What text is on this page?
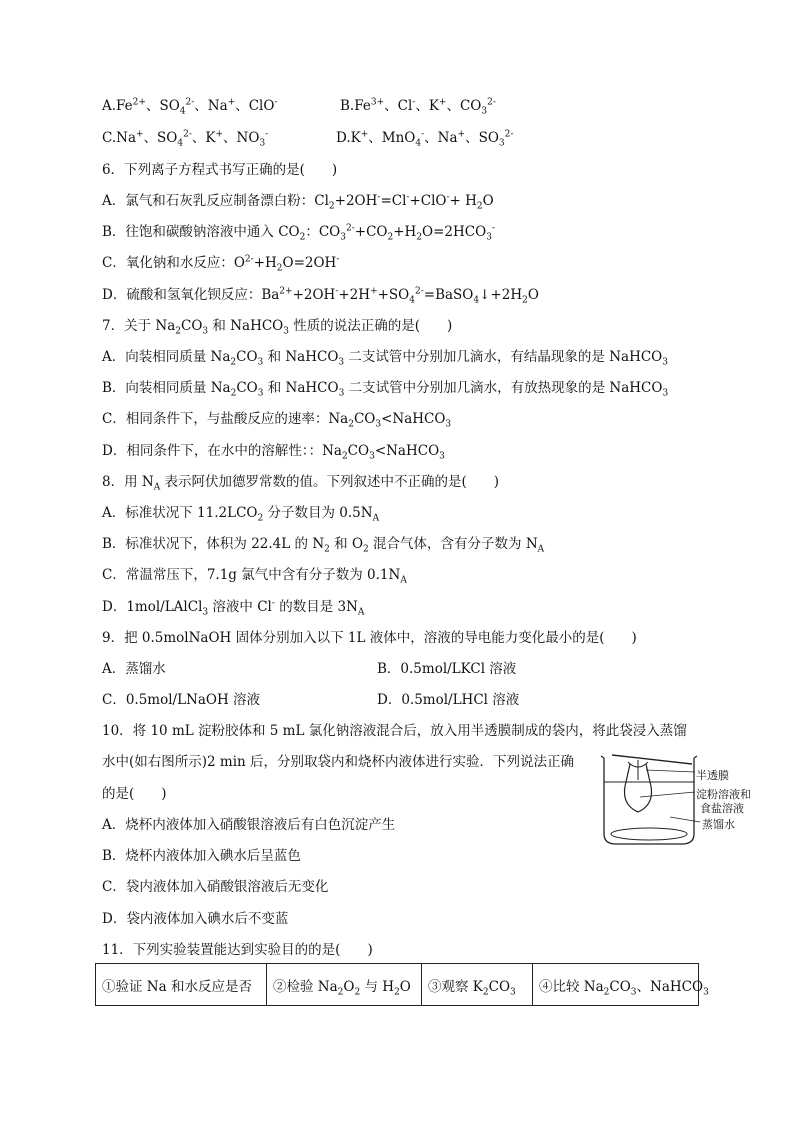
$A.Fe^{2+}$、$SO_4^{2-}$、Na+、ClO-	$B.Fe^{3+}$、Cl-、K+、$CO_3^{2-}$
C.Na+、$SO_4^{2-}$、K+、$NO_3^-$	D.K+、MnO$_4$-、Na+、$SO_3^{2-}$
6．下列离子方程式书写正确的是(　　)
A．氯气和石灰乳反应制备漂白粉：$Cl_2+2OH^-=Cl^-+ClO^-+ H_2O$
B．往饱和碳酸钠溶液中通入 $CO_2$：$CO_3^{2-}+CO_2+H_2O=2HCO_3^-$
C．氧化钠和水反应：$O^{2-}+H_2O=2OH^-$
D．硫酸和氢氧化钡反应：$Ba^{2+}+2OH^-+2H^++SO_4^{2-}=BaSO_4↓+2H_2O$
7．关于 $Na_2CO_3$ 和 NaHCO$_3$ 性质的说法正确的是(　　)
A．向装相同质量 $Na_2CO_3$ 和 NaHCO$_3$ 二支试管中分别加几滴水，有结晶现象的是 NaHCO$_3$
B．向装相同质量 $Na_2CO_3$ 和 NaHCO$_3$ 二支试管中分别加几滴水，有放热现象的是 NaHCO$_3$
C．相同条件下，与盐酸反应的速率：$Na_2CO_3<NaHCO_3$
D．相同条件下，在水中的溶解性：：$Na_2CO_3<NaHCO_3$
8．用 $N_A$ 表示阿伏加德罗常数的值。下列叙述中不正确的是(　　)
A．标准状况下 $11.2LCO_2$ 分子数目为 $0.5N_A$
B．标准状况下，体积为 22.4L 的 $N_2$ 和 $O_2$ 混合气体，含有分子数为 $N_A$
C．常温常压下，7.1g 氯气中含有分子数为 $0.1N_A$
D．1mol/LAlCl$_3$ 溶液中 Cl- 的数目是 $3N_A$
9．把 0.5molNaOH 固体分别加入以下 1L 液体中，溶液的导电能力变化最小的是(　　)
A．蒸馏水	B．0.5mol/LKCl 溶液
C．0.5mol/LNaOH 溶液	D．0.5mol/LHCl 溶液
10．将 10 mL 淀粉胶体和 5 mL 氯化钠溶液混合后，放入用半透膜制成的袋内，将此袋浸入蒸馏
水中(如右图所示)2 min 后，分别取袋内和烧杯内液体进行实验．下列说法正确
的是(　　)
A．烧杯内液体加入硝酸银溶液后有白色沉淀产生
B．烧杯内液体加入碘水后呈蓝色
C．袋内液体加入硝酸银溶液后无变化
D．袋内液体加入碘水后不变蓝
半透膜
淀粉溶液和
食盐溶液
蒸馏水
11．下列实验装置能达到实验目的的是(　　)
①验证 Na 和水反应是否	②检验 $Na_2O_2$ 与 $H_2O$	③观察 $K_2CO_3$	④比较 $Na_2CO_3$、NaHCO$_3$
